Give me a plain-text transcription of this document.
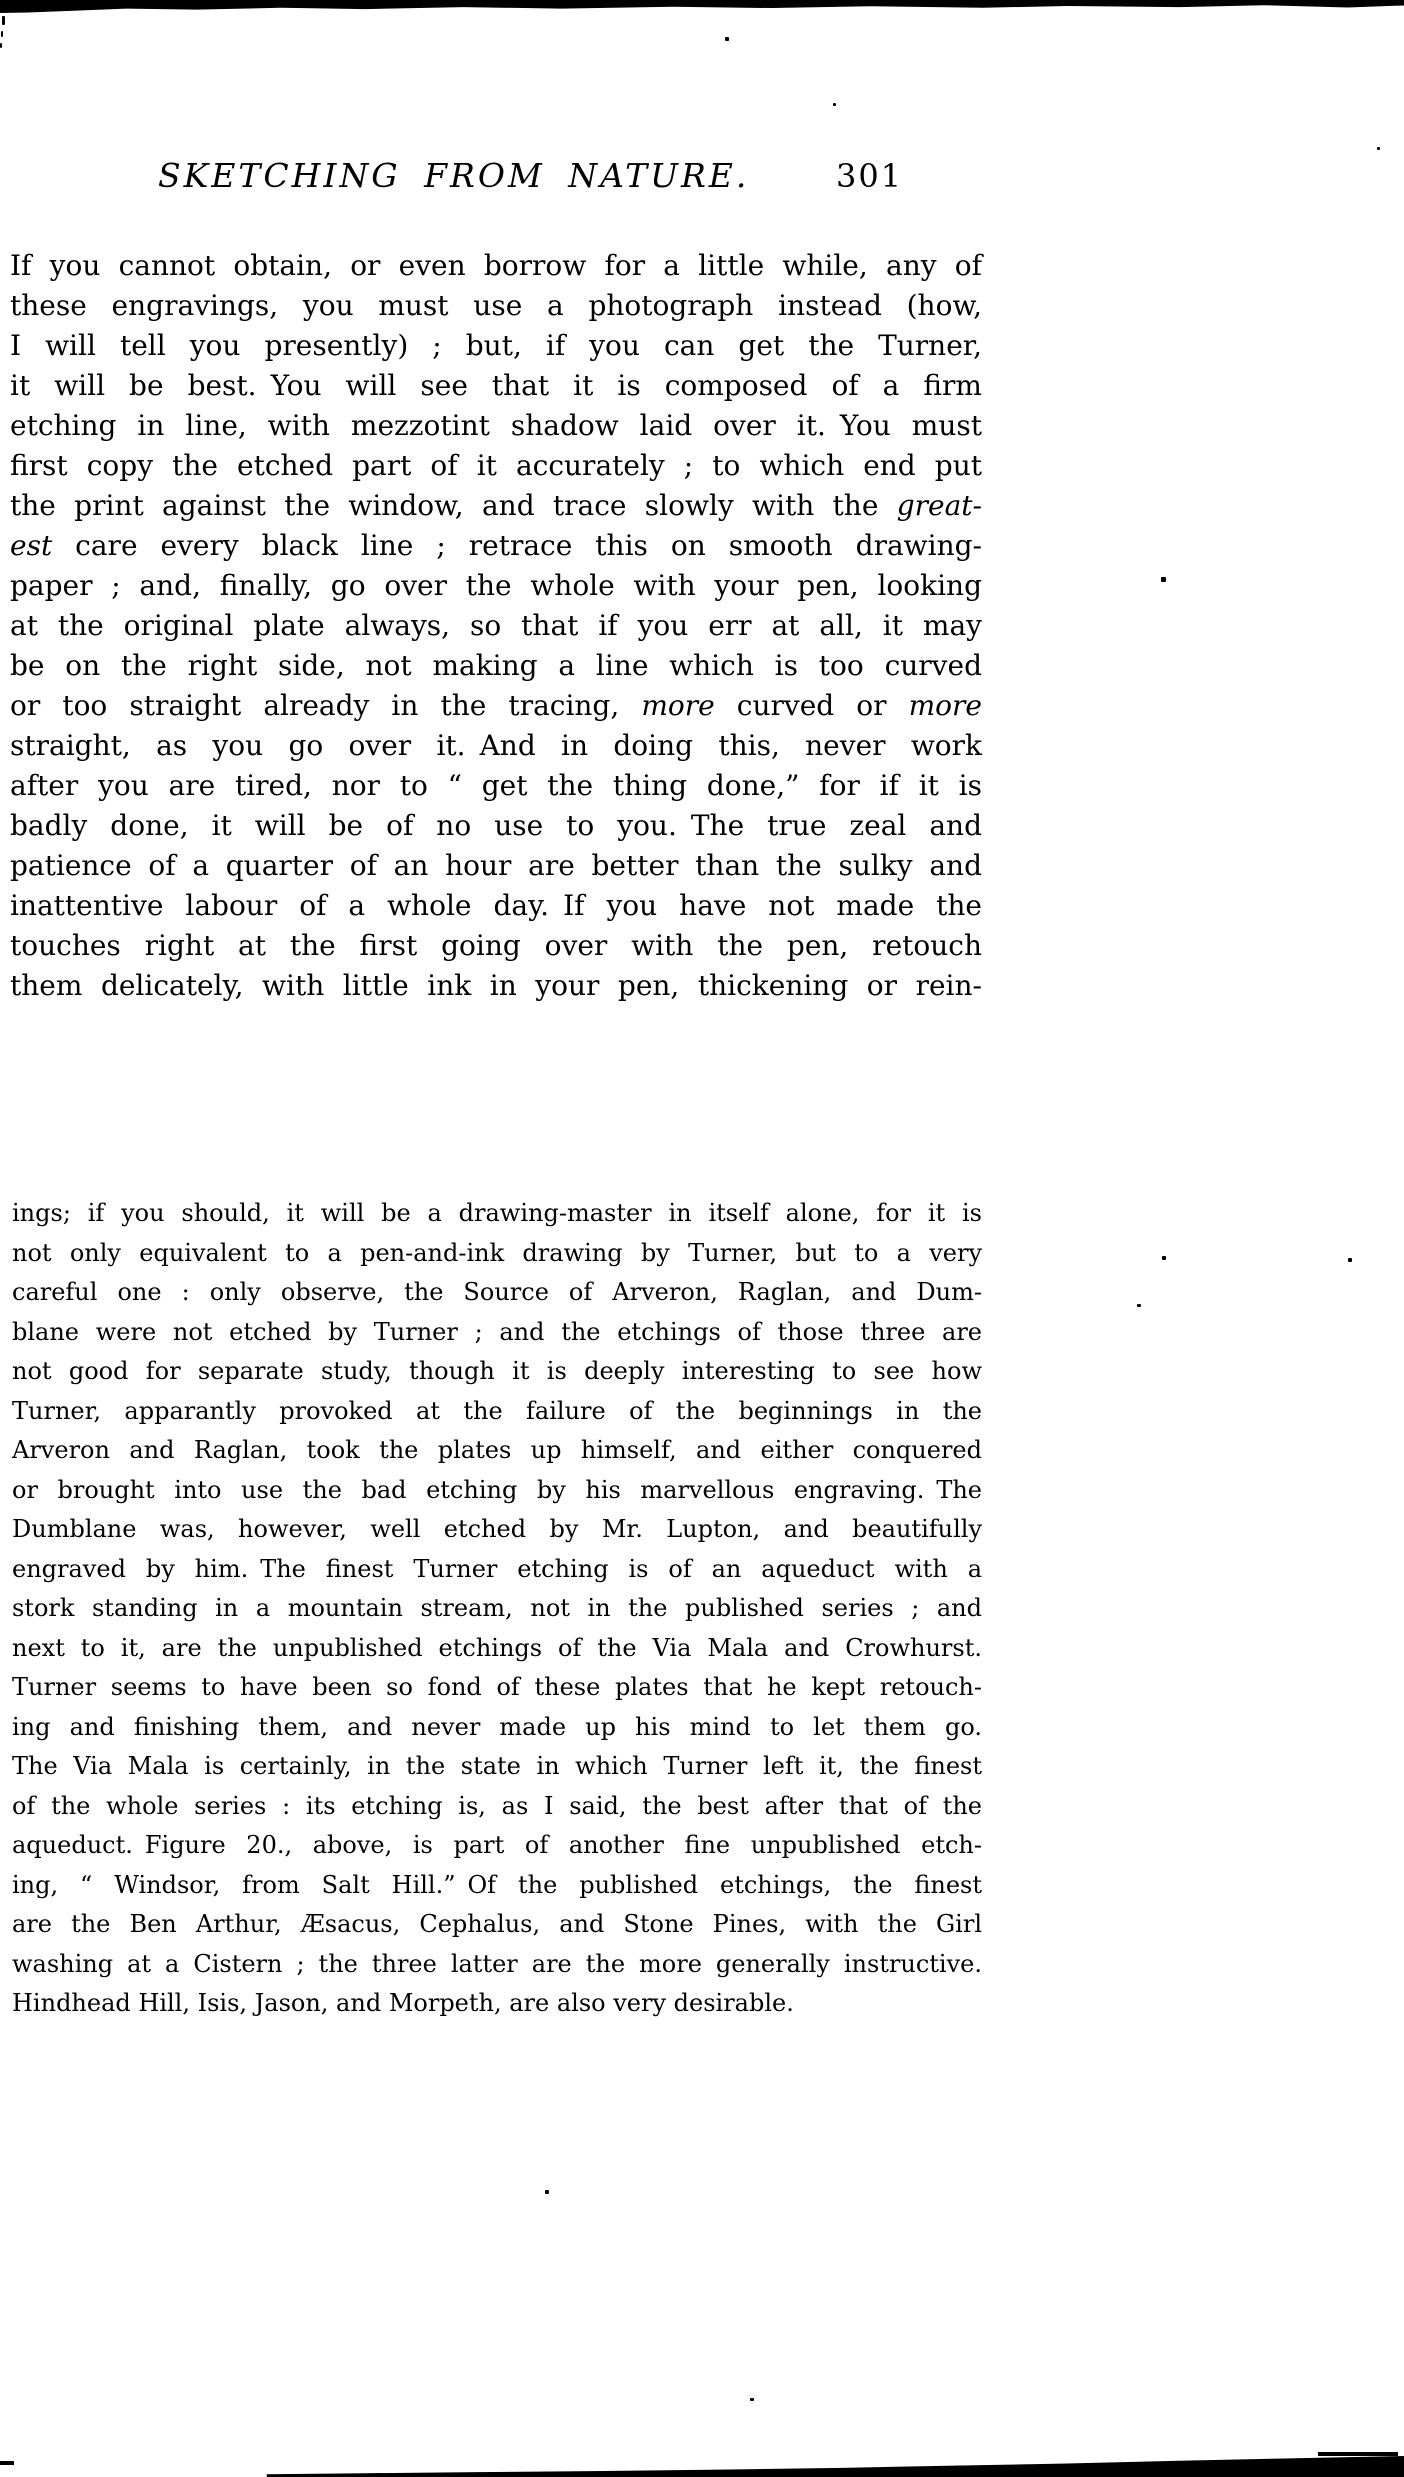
SKETCHING FROM NATURE.	301
If you cannot obtain, or even borrow for a little while, any of
these engravings, you must use a photograph instead (how,
I will tell you presently) ; but, if you can get the Turner,
it will be best. You will see that it is composed of a firm
etching in line, with mezzotint shadow laid over it. You must
first copy the etched part of it accurately ; to which end put
the print against the window, and trace slowly with the great-
est care every black line ; retrace this on smooth drawing-
paper ; and, finally, go over the whole with your pen, looking
at the original plate always, so that if you err at all, it may
be on the right side, not making a line which is too curved
or too straight already in the tracing, more curved or more
straight, as you go over it. And in doing this, never work
after you are tired, nor to “ get the thing done,” for if it is
badly done, it will be of no use to you. The true zeal and
patience of a quarter of an hour are better than the sulky and
inattentive labour of a whole day. If you have not made the
touches right at the first going over with the pen, retouch
them delicately, with little ink in your pen, thickening or rein-
ings; if you should, it will be a drawing-master in itself alone, for it is
not only equivalent to a pen-and-ink drawing by Turner, but to a very
careful one : only observe, the Source of Arveron, Raglan, and Dum-
blane were not etched by Turner ; and the etchings of those three are
not good for separate study, though it is deeply interesting to see how
Turner, apparantly provoked at the failure of the beginnings in the
Arveron and Raglan, took the plates up himself, and either conquered
or brought into use the bad etching by his marvellous engraving. The
Dumblane was, however, well etched by Mr. Lupton, and beautifully
engraved by him. The finest Turner etching is of an aqueduct with a
stork standing in a mountain stream, not in the published series ; and
next to it, are the unpublished etchings of the Via Mala and Crowhurst.
Turner seems to have been so fond of these plates that he kept retouch-
ing and finishing them, and never made up his mind to let them go.
The Via Mala is certainly, in the state in which Turner left it, the finest
of the whole series : its etching is, as I said, the best after that of the
aqueduct. Figure 20., above, is part of another fine unpublished etch-
ing, “ Windsor, from Salt Hill.” Of the published etchings, the finest
are the Ben Arthur, Æsacus, Cephalus, and Stone Pines, with the Girl
washing at a Cistern ; the three latter are the more generally instructive.
Hindhead Hill, Isis, Jason, and Morpeth, are also very desirable.
